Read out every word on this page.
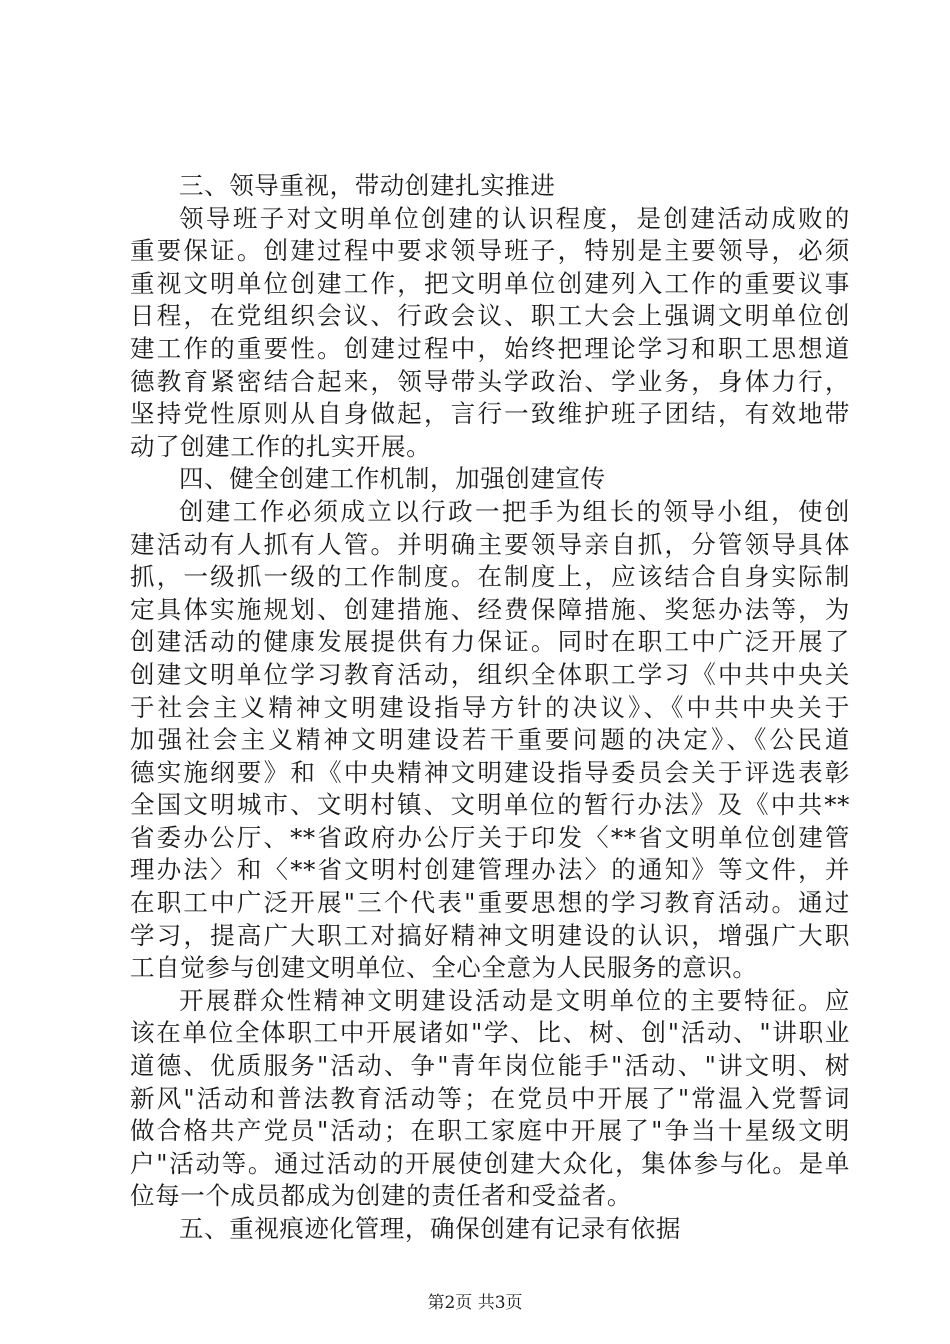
三、领导重视，带动创建扎实推进
领导班子对文明单位创建的认识程度，是创建活动成败的
重要保证。创建过程中要求领导班子，特别是主要领导，必须
重视文明单位创建工作，把文明单位创建列入工作的重要议事
日程，在党组织会议、行政会议、职工大会上强调文明单位创
建工作的重要性。创建过程中，始终把理论学习和职工思想道
德教育紧密结合起来，领导带头学政治、学业务，身体力行，
坚持党性原则从自身做起，言行一致维护班子团结，有效地带
动了创建工作的扎实开展。
四、健全创建工作机制，加强创建宣传
创建工作必须成立以行政一把手为组长的领导小组，使创
建活动有人抓有人管。并明确主要领导亲自抓，分管领导具体
抓，一级抓一级的工作制度。在制度上，应该结合自身实际制
定具体实施规划、创建措施、经费保障措施、奖惩办法等，为
创建活动的健康发展提供有力保证。同时在职工中广泛开展了
创建文明单位学习教育活动，组织全体职工学习《中共中央关
于社会主义精神文明建设指导方针的决议》、《中共中央关于
加强社会主义精神文明建设若干重要问题的决定》、《公民道
德实施纲要》和《中央精神文明建设指导委员会关于评选表彰
全国文明城市、文明村镇、文明单位的暂行办法》及《中共**
省委办公厅、**省政府办公厅关于印发〈**省文明单位创建管
理办法〉和〈**省文明村创建管理办法〉的通知》等文件，并
在职工中广泛开展"三个代表"重要思想的学习教育活动。通过
学习，提高广大职工对搞好精神文明建设的认识，增强广大职
工自觉参与创建文明单位、全心全意为人民服务的意识。
开展群众性精神文明建设活动是文明单位的主要特征。应
该在单位全体职工中开展诸如"学、比、树、创"活动、"讲职业
道德、优质服务"活动、争"青年岗位能手"活动、"讲文明、树
新风"活动和普法教育活动等；在党员中开展了"常温入党誓词
做合格共产党员"活动；在职工家庭中开展了"争当十星级文明
户"活动等。通过活动的开展使创建大众化，集体参与化。是单
位每一个成员都成为创建的责任者和受益者。
五、重视痕迹化管理，确保创建有记录有依据
第2页 共3页
